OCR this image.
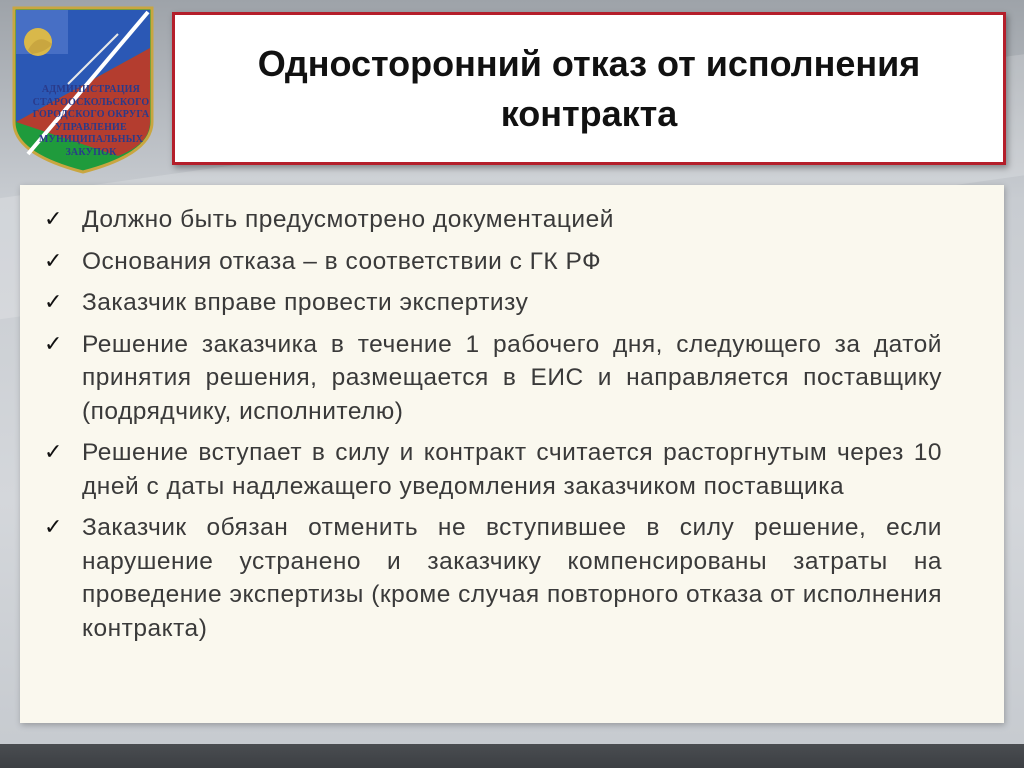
АДМИНИСТРАЦИЯ
СТАРООСКОЛЬСКОГО
ГОРОДСКОГО ОКРУГА
УПРАВЛЕНИЕ
МУНИЦИПАЛЬНЫХ
ЗАКУПОК
Односторонний отказ от исполнения контракта
✓ Должно быть предусмотрено документацией
✓ Основания отказа – в соответствии с ГК РФ
✓ Заказчик вправе провести экспертизу
✓ Решение заказчика в течение 1 рабочего дня, следующего за датой принятия решения, размещается в ЕИС и направляется поставщику (подрядчику, исполнителю)
✓ Решение вступает в силу и контракт считается расторгнутым через 10 дней с даты надлежащего уведомления заказчиком поставщика
✓ Заказчик обязан отменить не вступившее в силу решение, если нарушение устранено и заказчику компенсированы затраты на проведение экспертизы (кроме случая повторного отказа от исполнения контракта)
